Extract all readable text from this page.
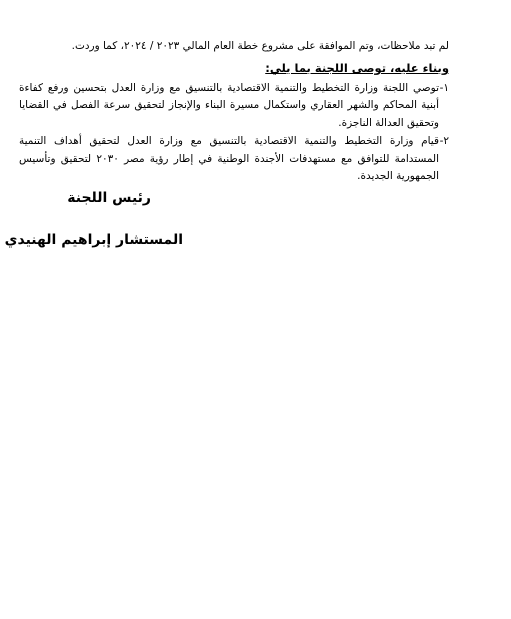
لم تبد ملاحظات، وتم الموافقة على مشروع خطة العام المالي ٢٠٢٣ / ٢٠٢٤، كما وردت.
وبناء عليه، توصى اللجنة بما يلي:
١-
توصي اللجنة وزارة التخطيط والتنمية الاقتصادية بالتنسيق مع وزارة العدل بتحسين ورفع كفاءة أبنية المحاكم والشهر العقاري واستكمال مسيرة البناء والإنجاز لتحقيق سرعة الفصل في القضايا وتحقيق العدالة الناجزة.
٢-
قيام وزارة التخطيط والتنمية الاقتصادية بالتنسيق مع وزارة العدل لتحقيق أهداف التنمية المستدامة للتوافق مع مستهدفات الأجندة الوطنية في إطار رؤية مصر ٢٠٣٠ لتحقيق وتأسيس الجمهورية الجديدة.
رئيس اللجنة
المستشار إبراهيم الهنيدي
